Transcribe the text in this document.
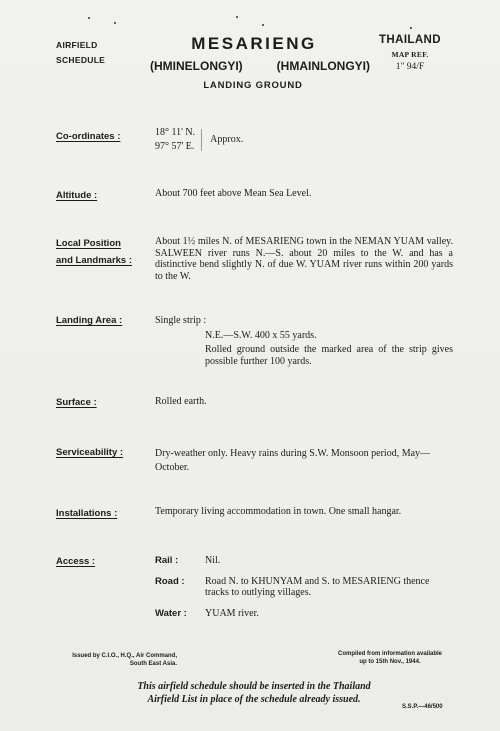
AIRFIELD
SCHEDULE
MESARIENG
(HMINELONGYI)	(HMAINLONGYI)
LANDING GROUND
THAILAND
MAP REF.
1" 94/F
Co-ordinates :	18° 11' N.
97° 57' E.
Approx.
Altitude :	About 700 feet above Mean Sea Level.
Local Position
and Landmarks :
About 1½ miles N. of MESARIENG town in the NEMAN YUAM valley. SALWEEN river runs N.—S. about 20 miles to the W. and has a distinctive bend slightly N. of due W. YUAM river runs within 200 yards to the W.
Landing Area :	Single strip :
N.E.—S.W. 400 x 55 yards.
Rolled ground outside the marked area of the strip gives possible further 100 yards.
Surface :	Rolled earth.
Serviceability :	Dry-weather only. Heavy rains during S.W. Monsoon period, May—October.
Installations :	Temporary living accommodation in town. One small hangar.
Access :	Rail :	Nil.
Road :	Road N. to KHUNYAM and S. to MESARIENG thence tracks to outlying villages.
Water :	YUAM river.
Issued by C.I.O., H.Q., Air Command,
South East Asia.
Compiled from information available
up to 15th Nov., 1944.
This airfield schedule should be inserted in the Thailand
Airfield List in place of the schedule already issued.
S.S.P.—46/500
